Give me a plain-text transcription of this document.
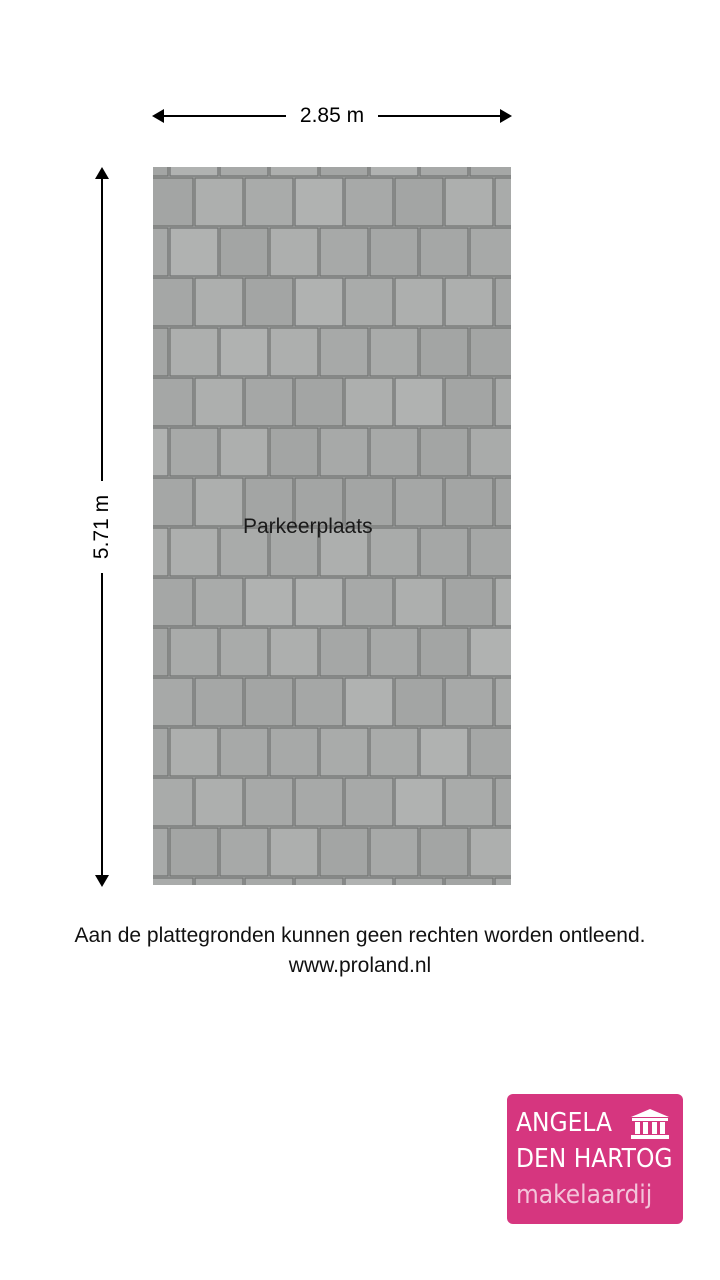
2.85 m
5.71 m	Parkeerplaats
Aan de plattegronden kunnen geen rechten worden ontleend.
www.proland.nl
ANGELA
DEN HARTOG
makelaardij
